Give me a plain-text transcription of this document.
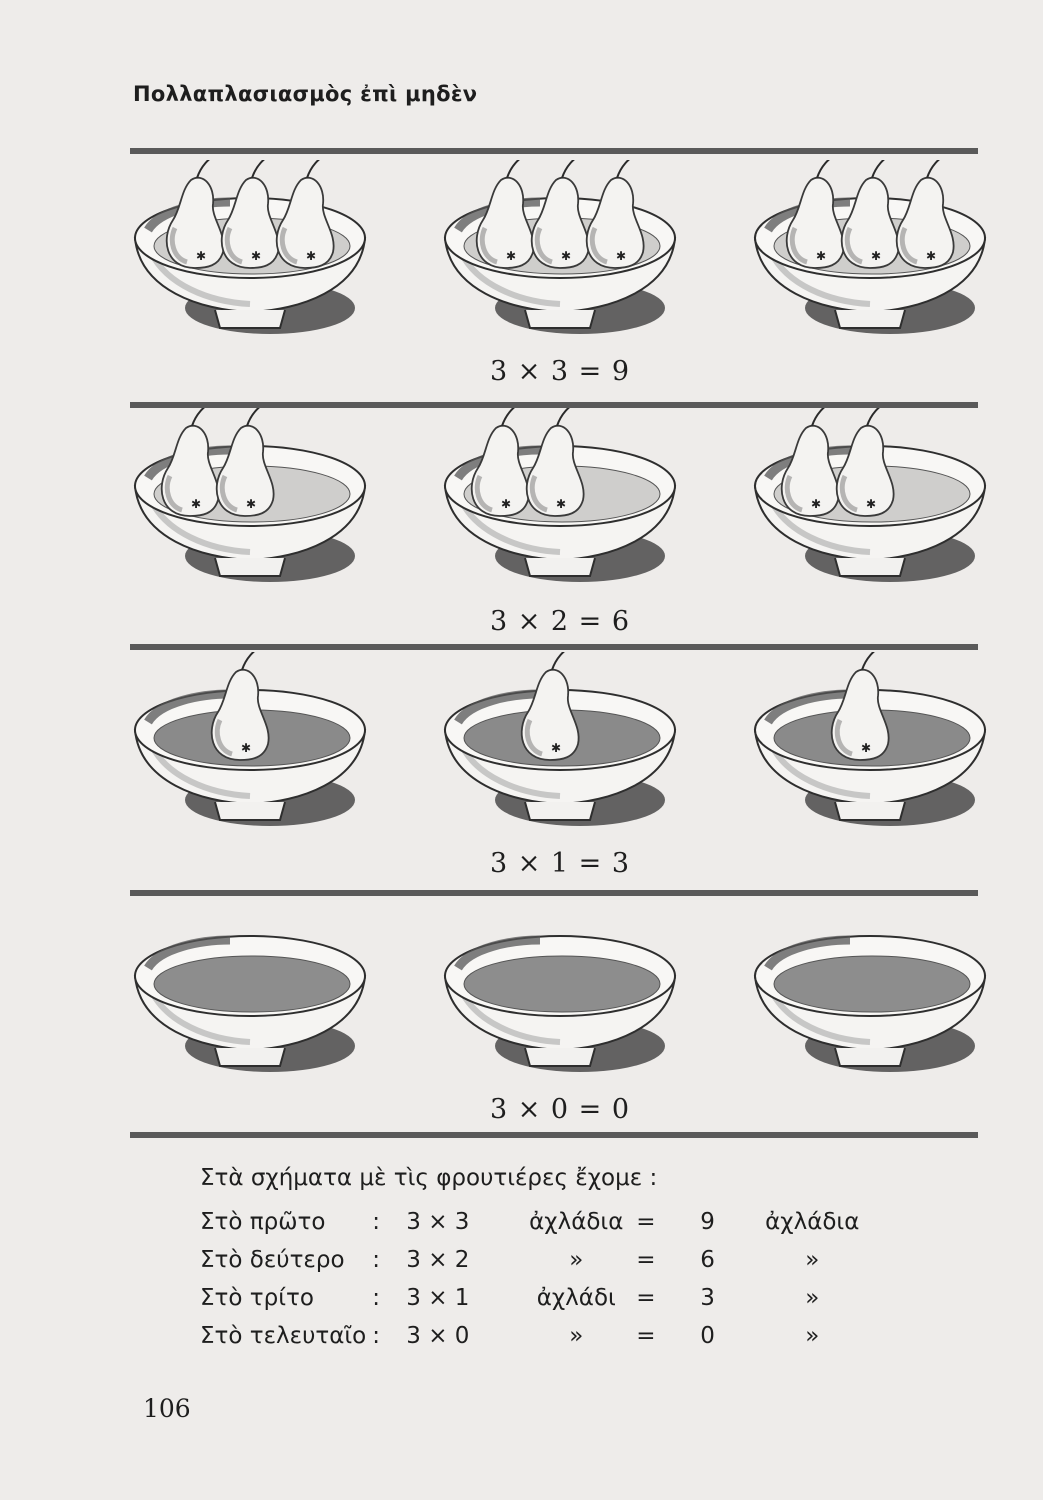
Πολλαπλασιασμὸς ἐπὶ μηδὲν
3 × 3 = 9
✱	✱	✱	✱	✱	✱	✱	✱	✱
3 × 2 = 6
✱	✱	✱	✱	✱	✱
3 × 1 = 3
✱	✱	✱
3 × 0 = 0
Στὰ σχήματα μὲ τὶς φρουτιέρες ἔχομε :
Στὸ πρῶτο	:	3 × 3	ἀχλάδια	=	9	ἀχλάδια
Στὸ δεύτερο	:	3 × 2	»	=	6	»
Στὸ τρίτο	:	3 × 1	ἀχλάδι	=	3	»
Στὸ τελευταῖο	:	3 × 0	»	=	0	»
106
